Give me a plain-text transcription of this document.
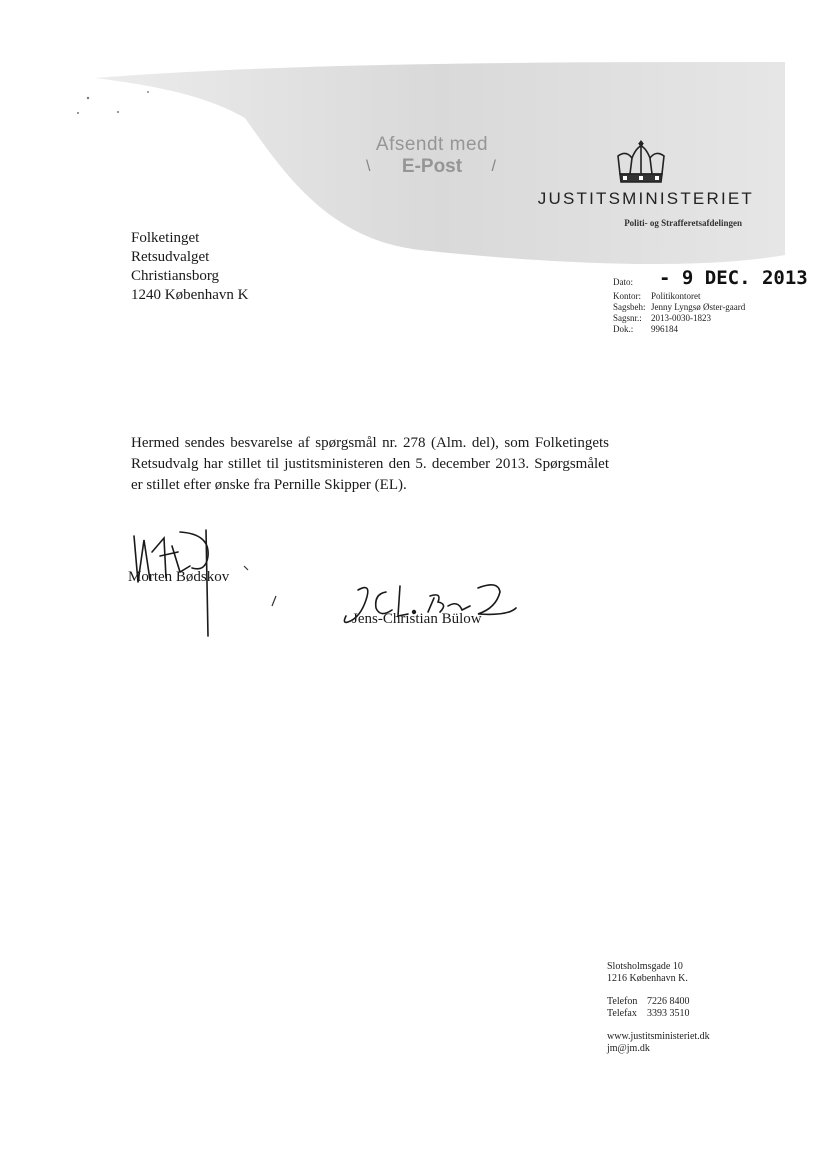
Afsendt med
E-Post
\	/
JUSTITSMINISTERIET
Politi- og Strafferetsafdelingen
Folketinget
Retsudvalget
Christiansborg
1240 København K
Dato:	- 9 DEC. 2013
Kontor:	Politikontoret
Sagsbeh: Jenny Lyngsø Øster-gaard
Sagsnr.:	2013-0030-1823
Dok.:	996184
Hermed sendes besvarelse af spørgsmål nr. 278 (Alm. del), som Folketingets Retsudvalg har stillet til justitsministeren den 5. december 2013. Spørgsmålet er stillet efter ønske fra Pernille Skipper (EL).
Morten Bødskov
Jens-Christian Bülow
Slotsholmsgade 10
1216 København K.
Telefon 7226 8400
Telefax	3393 3510
www.justitsministeriet.dk
jm@jm.dk
